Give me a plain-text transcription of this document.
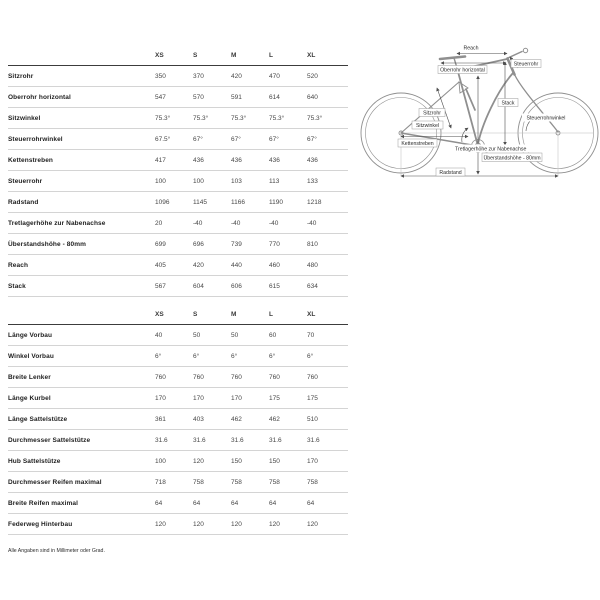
XS	S	M	L	XL
Sitzrohr	350	370	420	470	520
Oberrohr horizontal	547	570	591	614	640
Sitzwinkel	75.3°	75.3°	75.3°	75.3°	75.3°
Steuerrohrwinkel	67.5°	67°	67°	67°	67°
Kettenstreben	417	436	436	436	436
Steuerrohr	100	100	103	113	133
Radstand	1096	1145	1166	1190	1218
Tretlagerhöhe zur Nabenachse	20	-40	-40	-40	-40
Überstandshöhe - 80mm	699	696	739	770	810
Reach	405	420	440	460	480
Stack	567	604	606	615	634
XS	S	M	L	XL
Länge Vorbau	40	50	50	60	70
Winkel Vorbau	6°	6°	6°	6°	6°
Breite Lenker	760	760	760	760	760
Länge Kurbel	170	170	170	175	175
Länge Sattelstütze	361	403	462	462	510
Durchmesser Sattelstütze	31.6	31.6	31.6	31.6	31.6
Hub Sattelstütze	100	120	150	150	170
Durchmesser Reifen maximal	718	758	758	758	758
Breite Reifen maximal	64	64	64	64	64
Federweg Hinterbau	120	120	120	120	120
Alle Angaben sind in Millimeter oder Grad.
Reach
Oberrohr horizontal
Steuerrohr
Stack
Sitzrohr
Sitzwinkel
Steuerrohrwinkel
Kettenstreben
Tretlagerhöhe zur Nabenachse
Überstandshöhe - 80mm
Radstand
